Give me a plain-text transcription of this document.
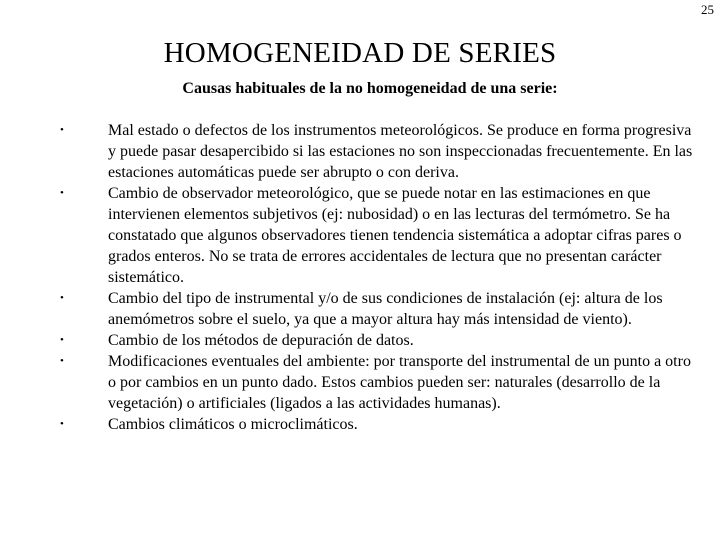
25
HOMOGENEIDAD DE SERIES
Causas habituales de la no homogeneidad de una serie:
•	Mal estado o defectos de los instrumentos meteorológicos. Se produce en forma progresiva y puede pasar desapercibido si las estaciones no son inspeccionadas frecuentemente. En las estaciones automáticas puede ser abrupto o con deriva.
•	Cambio de observador meteorológico, que se puede notar en las estimaciones en que intervienen elementos subjetivos (ej: nubosidad) o en las lecturas del termómetro. Se ha constatado que algunos observadores tienen tendencia sistemática a adoptar cifras pares o grados enteros. No se trata de errores accidentales de lectura que no presentan carácter sistemático.
•	Cambio del tipo de instrumental y/o de sus condiciones de instalación (ej: altura de los anemómetros sobre el suelo, ya que a mayor altura hay más intensidad de viento).
•	Cambio de los métodos de depuración de datos.
•	Modificaciones eventuales del ambiente: por transporte del instrumental de un punto a otro o por cambios en un punto dado. Estos cambios pueden ser: naturales (desarrollo de la vegetación) o artificiales (ligados a las actividades humanas).
•	Cambios climáticos o microclimáticos.
